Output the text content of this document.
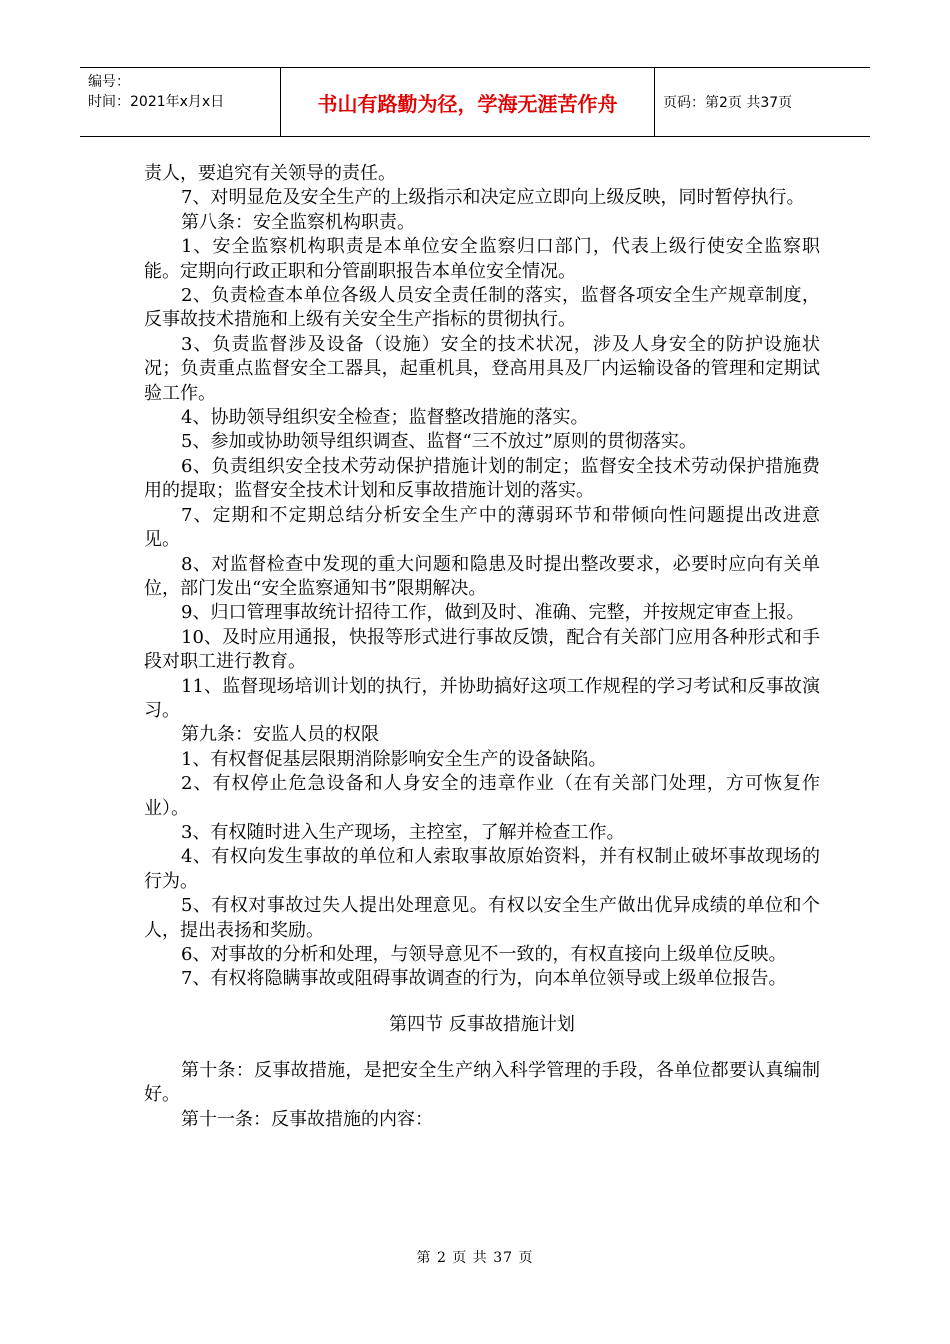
编号：
时间：2021年x月x日	书山有路勤为径，学海无涯苦作舟	页码：第2页 共37页

责人，要追究有关领导的责任。

7、对明显危及安全生产的上级指示和决定应立即向上级反映，同时暂停执行。

第八条：安全监察机构职责。

1、安全监察机构职责是本单位安全监察归口部门，代表上级行使安全监察职能。定期向行政正职和分管副职报告本单位安全情况。

2、负责检查本单位各级人员安全责任制的落实，监督各项安全生产规章制度，反事故技术措施和上级有关安全生产指标的贯彻执行。

3、负责监督涉及设备（设施）安全的技术状况，涉及人身安全的防护设施状况；负责重点监督安全工器具，起重机具，登高用具及厂内运输设备的管理和定期试验工作。

4、协助领导组织安全检查；监督整改措施的落实。

5、参加或协助领导组织调查、监督“三不放过”原则的贯彻落实。

6、负责组织安全技术劳动保护措施计划的制定；监督安全技术劳动保护措施费用的提取；监督安全技术计划和反事故措施计划的落实。

7、定期和不定期总结分析安全生产中的薄弱环节和带倾向性问题提出改进意见。

8、对监督检查中发现的重大问题和隐患及时提出整改要求，必要时应向有关单位，部门发出“安全监察通知书”限期解决。

9、归口管理事故统计招待工作，做到及时、准确、完整，并按规定审查上报。

10、及时应用通报，快报等形式进行事故反馈，配合有关部门应用各种形式和手段对职工进行教育。

11、监督现场培训计划的执行，并协助搞好这项工作规程的学习考试和反事故演习。

第九条：安监人员的权限

1、有权督促基层限期消除影响安全生产的设备缺陷。

2、有权停止危急设备和人身安全的违章作业（在有关部门处理，方可恢复作业）。

3、有权随时进入生产现场，主控室，了解并检查工作。

4、有权向发生事故的单位和人索取事故原始资料，并有权制止破坏事故现场的行为。

5、有权对事故过失人提出处理意见。有权以安全生产做出优异成绩的单位和个人，提出表扬和奖励。

6、对事故的分析和处理，与领导意见不一致的，有权直接向上级单位反映。

7、有权将隐瞒事故或阻碍事故调查的行为，向本单位领导或上级单位报告。

第四节 反事故措施计划

第十条：反事故措施，是把安全生产纳入科学管理的手段，各单位都要认真编制好。

第十一条：反事故措施的内容：

第 2 页 共 37 页
